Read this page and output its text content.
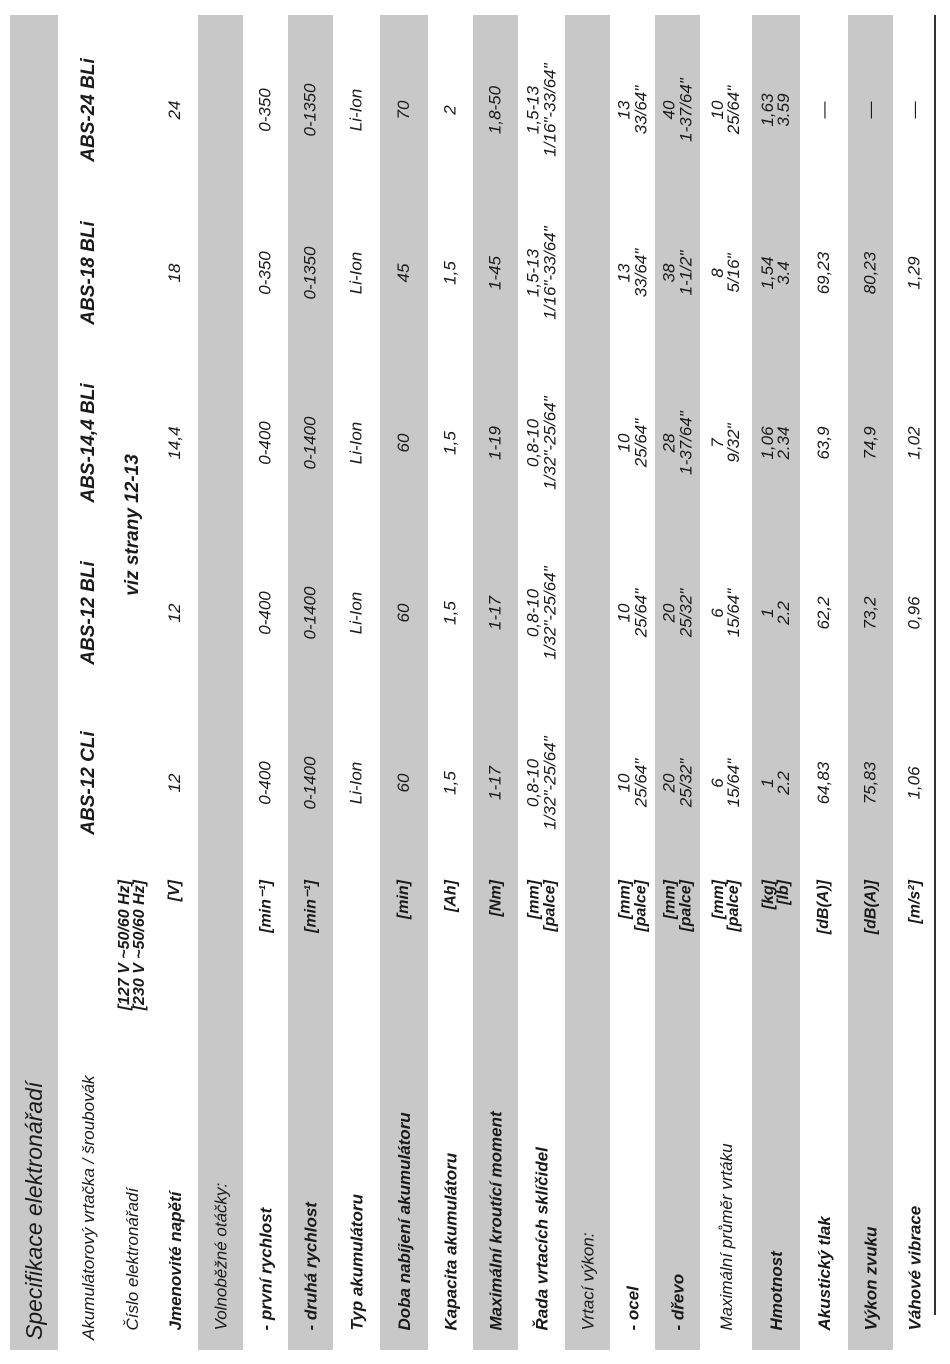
Specifikace elektronářadí Akumulátorový vrtačka / šroubovák
ABS-12 CLi
ABS-12 BLi
ABS-14,4 BLi
ABS-18 BLi
ABS-24 BLi
Číslo elektronářadí
[127 V ~50/60 Hz]
[230 V ~50/60 Hz]
viz strany 12-13
Jmenovité napětí
[V]
12
12
14,4
18
24
Volnoběžné otáčky: - první rychlost
[min⁻¹]
0-400
0-400
0-400
0-350
0-350
- druhá rychlost
[min⁻¹]
0-1400
0-1400
0-1400
0-1350
0-1350
Typ akumulátoru
Li-Ion
Li-Ion
Li-Ion
Li-Ion
Li-Ion
Doba nabíjení akumulátoru
[min]
60
60
60
45
70
Kapacita akumulátoru
[Ah]
1,5
1,5
1,5
1,5
2
Maximální kroutící moment
[Nm]
1-17
1-17
1-19
1-45
1,8-50
Řada vrtacích sklíčidel
[mm]
[palce]
0,8-10
1/32"-25/64"
0,8-10
1/32"-25/64"
0,8-10
1/32"-25/64"
1,5-13
1/16"-33/64"
1,5-13
1/16"-33/64"
Vrtací výkon: - ocel
[mm]
[palce]
10
25/64"
10
25/64"
10
25/64"
13
33/64"
13
33/64"
- dřevo
[mm]
[palce]
20
25/32"
20
25/32"
28
1-37/64"
38
1-1/2"
40
1-37/64"
Maximální průměr vrtáku
[mm]
[palce]
6
15/64"
6
15/64"
7
9/32"
8
5/16"
10
25/64"
Hmotnost
[kg]
[lb]
1
2.2
1
2.2
1,06
2.34
1,54
3.4
1,63
3.59
Akustický tlak
[dB(A)]
64,83
62,2
63,9
69,23
—
Výkon zvuku
[dB(A)]
75,83
73,2
74,9
80,23
—
Váhové vibrace
[m/s²]
1,06
0,96
1,02
1,29
—
